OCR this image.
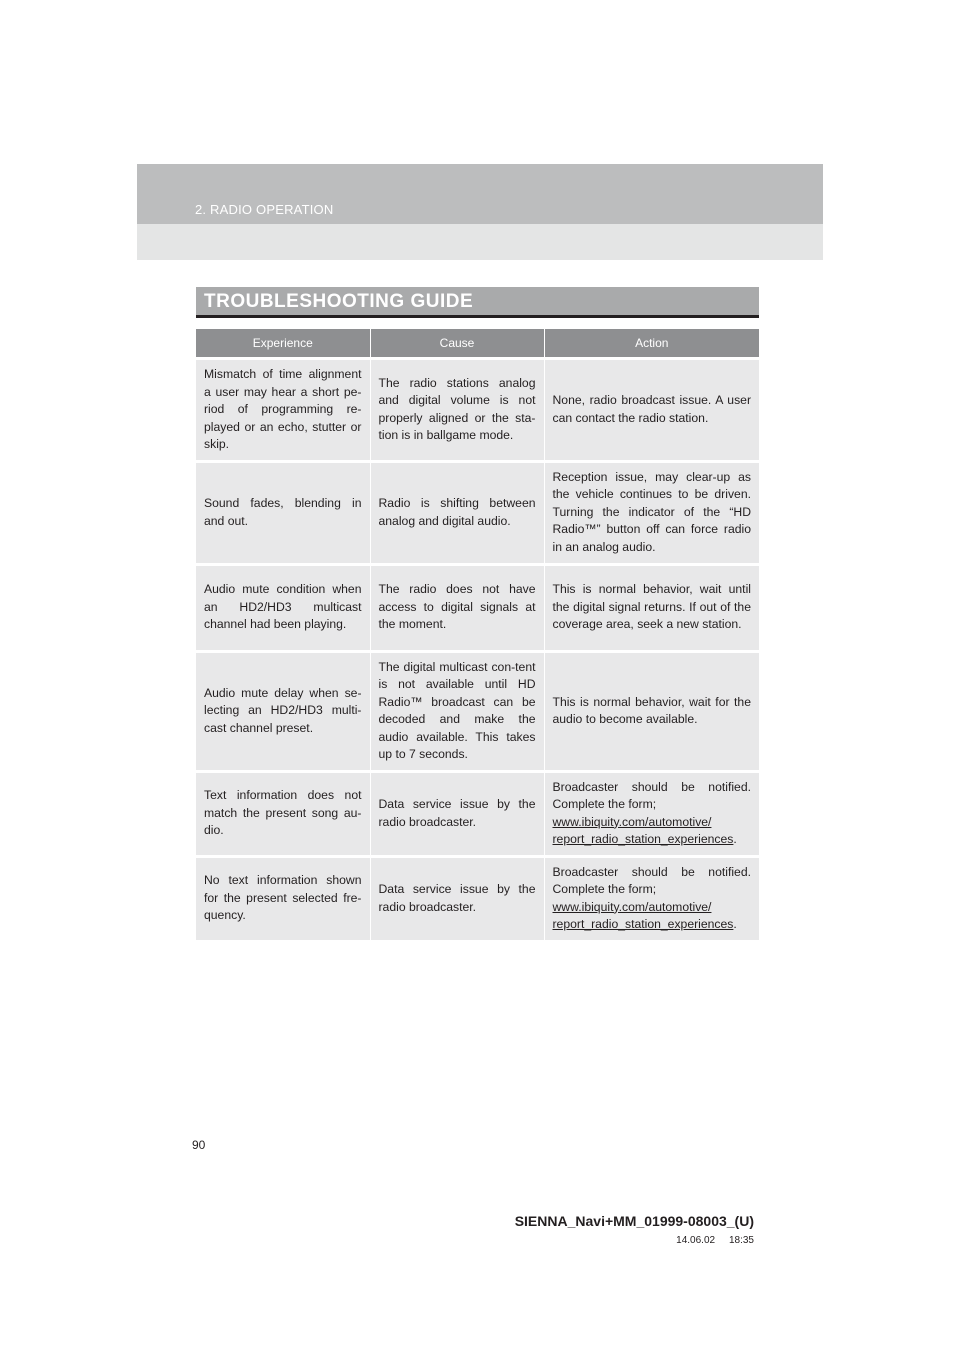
2. RADIO OPERATION
TROUBLESHOOTING GUIDE
Experience	Cause	Action
Mismatch of time alignment a user may hear a short pe-riod of programming re-played or an echo, stutter or skip.	The radio stations analog and digital volume is not properly aligned or the sta-tion is in ballgame mode.	None, radio broadcast issue. A user can contact the radio station.
Sound fades, blending in and out.	Radio is shifting between analog and digital audio.	Reception issue, may clear-up as the vehicle continues to be driven. Turning the indicator of the “HD Radio™” button off can force radio in an analog audio.
Audio mute condition when an HD2/HD3 multicast channel had been playing.	The radio does not have access to digital signals at the moment.	This is normal behavior, wait until the digital signal returns. If out of the coverage area, seek a new station.
Audio mute delay when se-lecting an HD2/HD3 multi-cast channel preset.	The digital multicast con-tent is not available until HD Radio™ broadcast can be decoded and make the audio available. This takes up to 7 seconds.	This is normal behavior, wait for the audio to become available.
Text information does not match the present song au-dio.	Data service issue by the radio broadcaster.	Broadcaster should be notified. Complete the form;
www.ibiquity.com/automotive/
report_radio_station_experiences.
No text information shown for the present selected fre-quency.	Data service issue by the radio broadcaster.	Broadcaster should be notified. Complete the form;
www.ibiquity.com/automotive/
report_radio_station_experiences.
90
SIENNA_Navi+MM_01999-08003_(U)
14.06.02     18:35
